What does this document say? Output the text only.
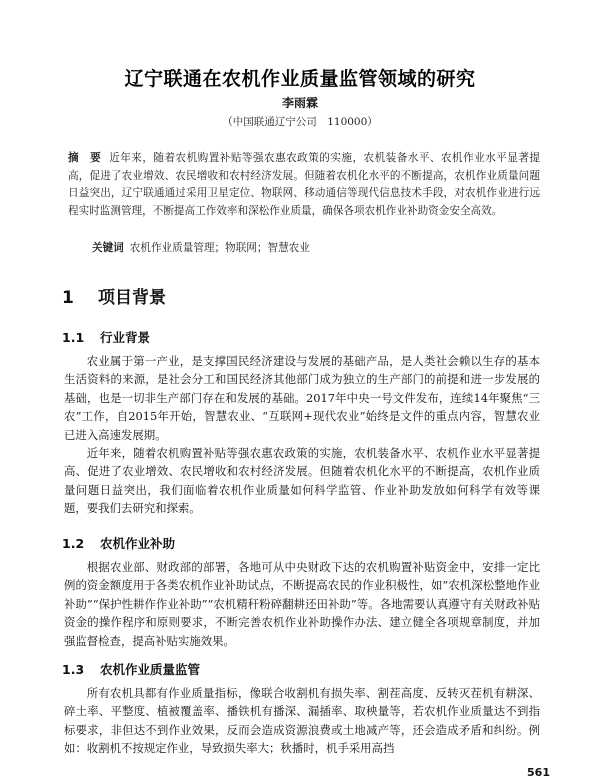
辽宁联通在农机作业质量监管领域的研究
李雨霖
（中国联通辽宁公司　110000）
摘　要 近年来，随着农机购置补贴等强农惠农政策的实施，农机装备水平、农机作业水平显著提高，促进了农业增效、农民增收和农村经济发展。但随着农机化水平的不断提高，农机作业质量问题日益突出，辽宁联通通过采用卫星定位、物联网、移动通信等现代信息技术手段，对农机作业进行远程实时监测管理，不断提高工作效率和深松作业质量，确保各项农机作业补助资金安全高效。
关键词 农机作业质量管理；物联网；智慧农业
1 项目背景
1.1 行业背景
农业属于第一产业，是支撑国民经济建设与发展的基础产品，是人类社会赖以生存的基本生活资料的来源，是社会分工和国民经济其他部门成为独立的生产部门的前提和进一步发展的基础，也是一切非生产部门存在和发展的基础。2017年中央一号文件发布，连续14年聚焦“三农”工作，自2015年开始，智慧农业、“互联网+现代农业”始终是文件的重点内容，智慧农业已进入高速发展期。
近年来，随着农机购置补贴等强农惠农政策的实施，农机装备水平、农机作业水平显著提高、促进了农业增效、农民增收和农村经济发展。但随着农机化水平的不断提高，农机作业质量问题日益突出，我们面临着农机作业质量如何科学监管、作业补助发放如何科学有效等课题，要我们去研究和探索。
1.2 农机作业补助
根据农业部、财政部的部署，各地可从中央财政下达的农机购置补贴资金中，安排一定比例的资金额度用于各类农机作业补助试点，不断提高农民的作业积极性，如“农机深松整地作业补助”“保护性耕作作业补助”“农机精秆粉碎翻耕还田补助”等。各地需要认真遵守有关财政补贴资金的操作程序和原则要求，不断完善农机作业补助操作办法、建立健全各项规章制度，并加强监督检查，提高补贴实施效果。
1.3 农机作业质量监管
所有农机具都有作业质量指标，像联合收割机有损失率、割茬高度、反转灭茬机有耕深、碎土率、平整度、植被覆盖率、播铁机有播深、漏插率、取秧量等，若农机作业质量达不到指标要求，非但达不到作业效果，反而会造成资源浪费或土地减产等，还会造成矛盾和纠纷。例如：收割机不按规定作业，导致损失率大；秋播时，机手采用高挡
561
